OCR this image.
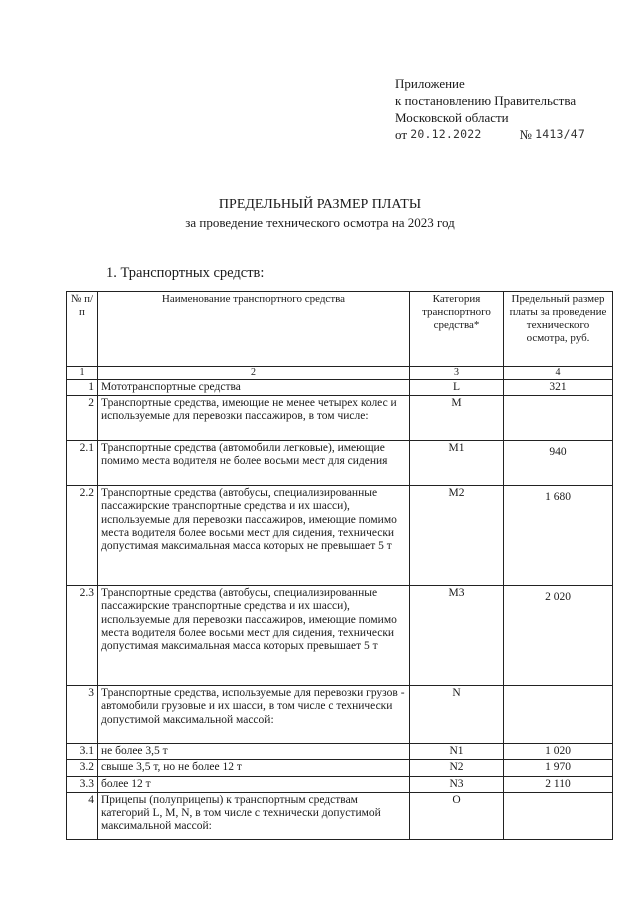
Приложение
к постановлению Правительства
Московской области
от
20.12.2022	№
1413/47
ПРЕДЕЛЬНЫЙ РАЗМЕР ПЛАТЫ
за проведение технического осмотра на 2023 год
1. Транспортных средств:
№ п/п	Наименование транспортного средства	Категория транспортного средства*	Предельный размер платы за проведение технического осмотра, руб.
1	2	3	4
1	Мототранспортные средства	L	321
2	Транспортные средства, имеющие не менее четырех колес и используемые для перевозки пассажиров, в том числе:	M	
2.1	Транспортные средства (автомобили легковые), имеющие помимо места водителя не более восьми мест для сидения	M1	940
2.2	Транспортные средства (автобусы, специализированные пассажирские транспортные средства и их шасси), используемые для перевозки пассажиров, имеющие помимо места водителя более восьми мест для сидения, технически допустимая максимальная масса которых не превышает 5 т	M2	1 680
2.3	Транспортные средства (автобусы, специализированные пассажирские транспортные средства и их шасси), используемые для перевозки пассажиров, имеющие помимо места водителя более восьми мест для сидения, технически допустимая максимальная масса которых превышает 5 т	M3	2 020
3	Транспортные средства, используемые для перевозки грузов - автомобили грузовые и их шасси, в том числе с технически допустимой максимальной массой:	N	
3.1	не более 3,5 т	N1	1 020
3.2	свыше 3,5 т, но не более 12 т	N2	1 970
3.3	более 12 т	N3	2 110
4	Прицепы (полуприцепы) к транспортным средствам категорий L, M, N, в том числе с технически допустимой максимальной массой:	O	
